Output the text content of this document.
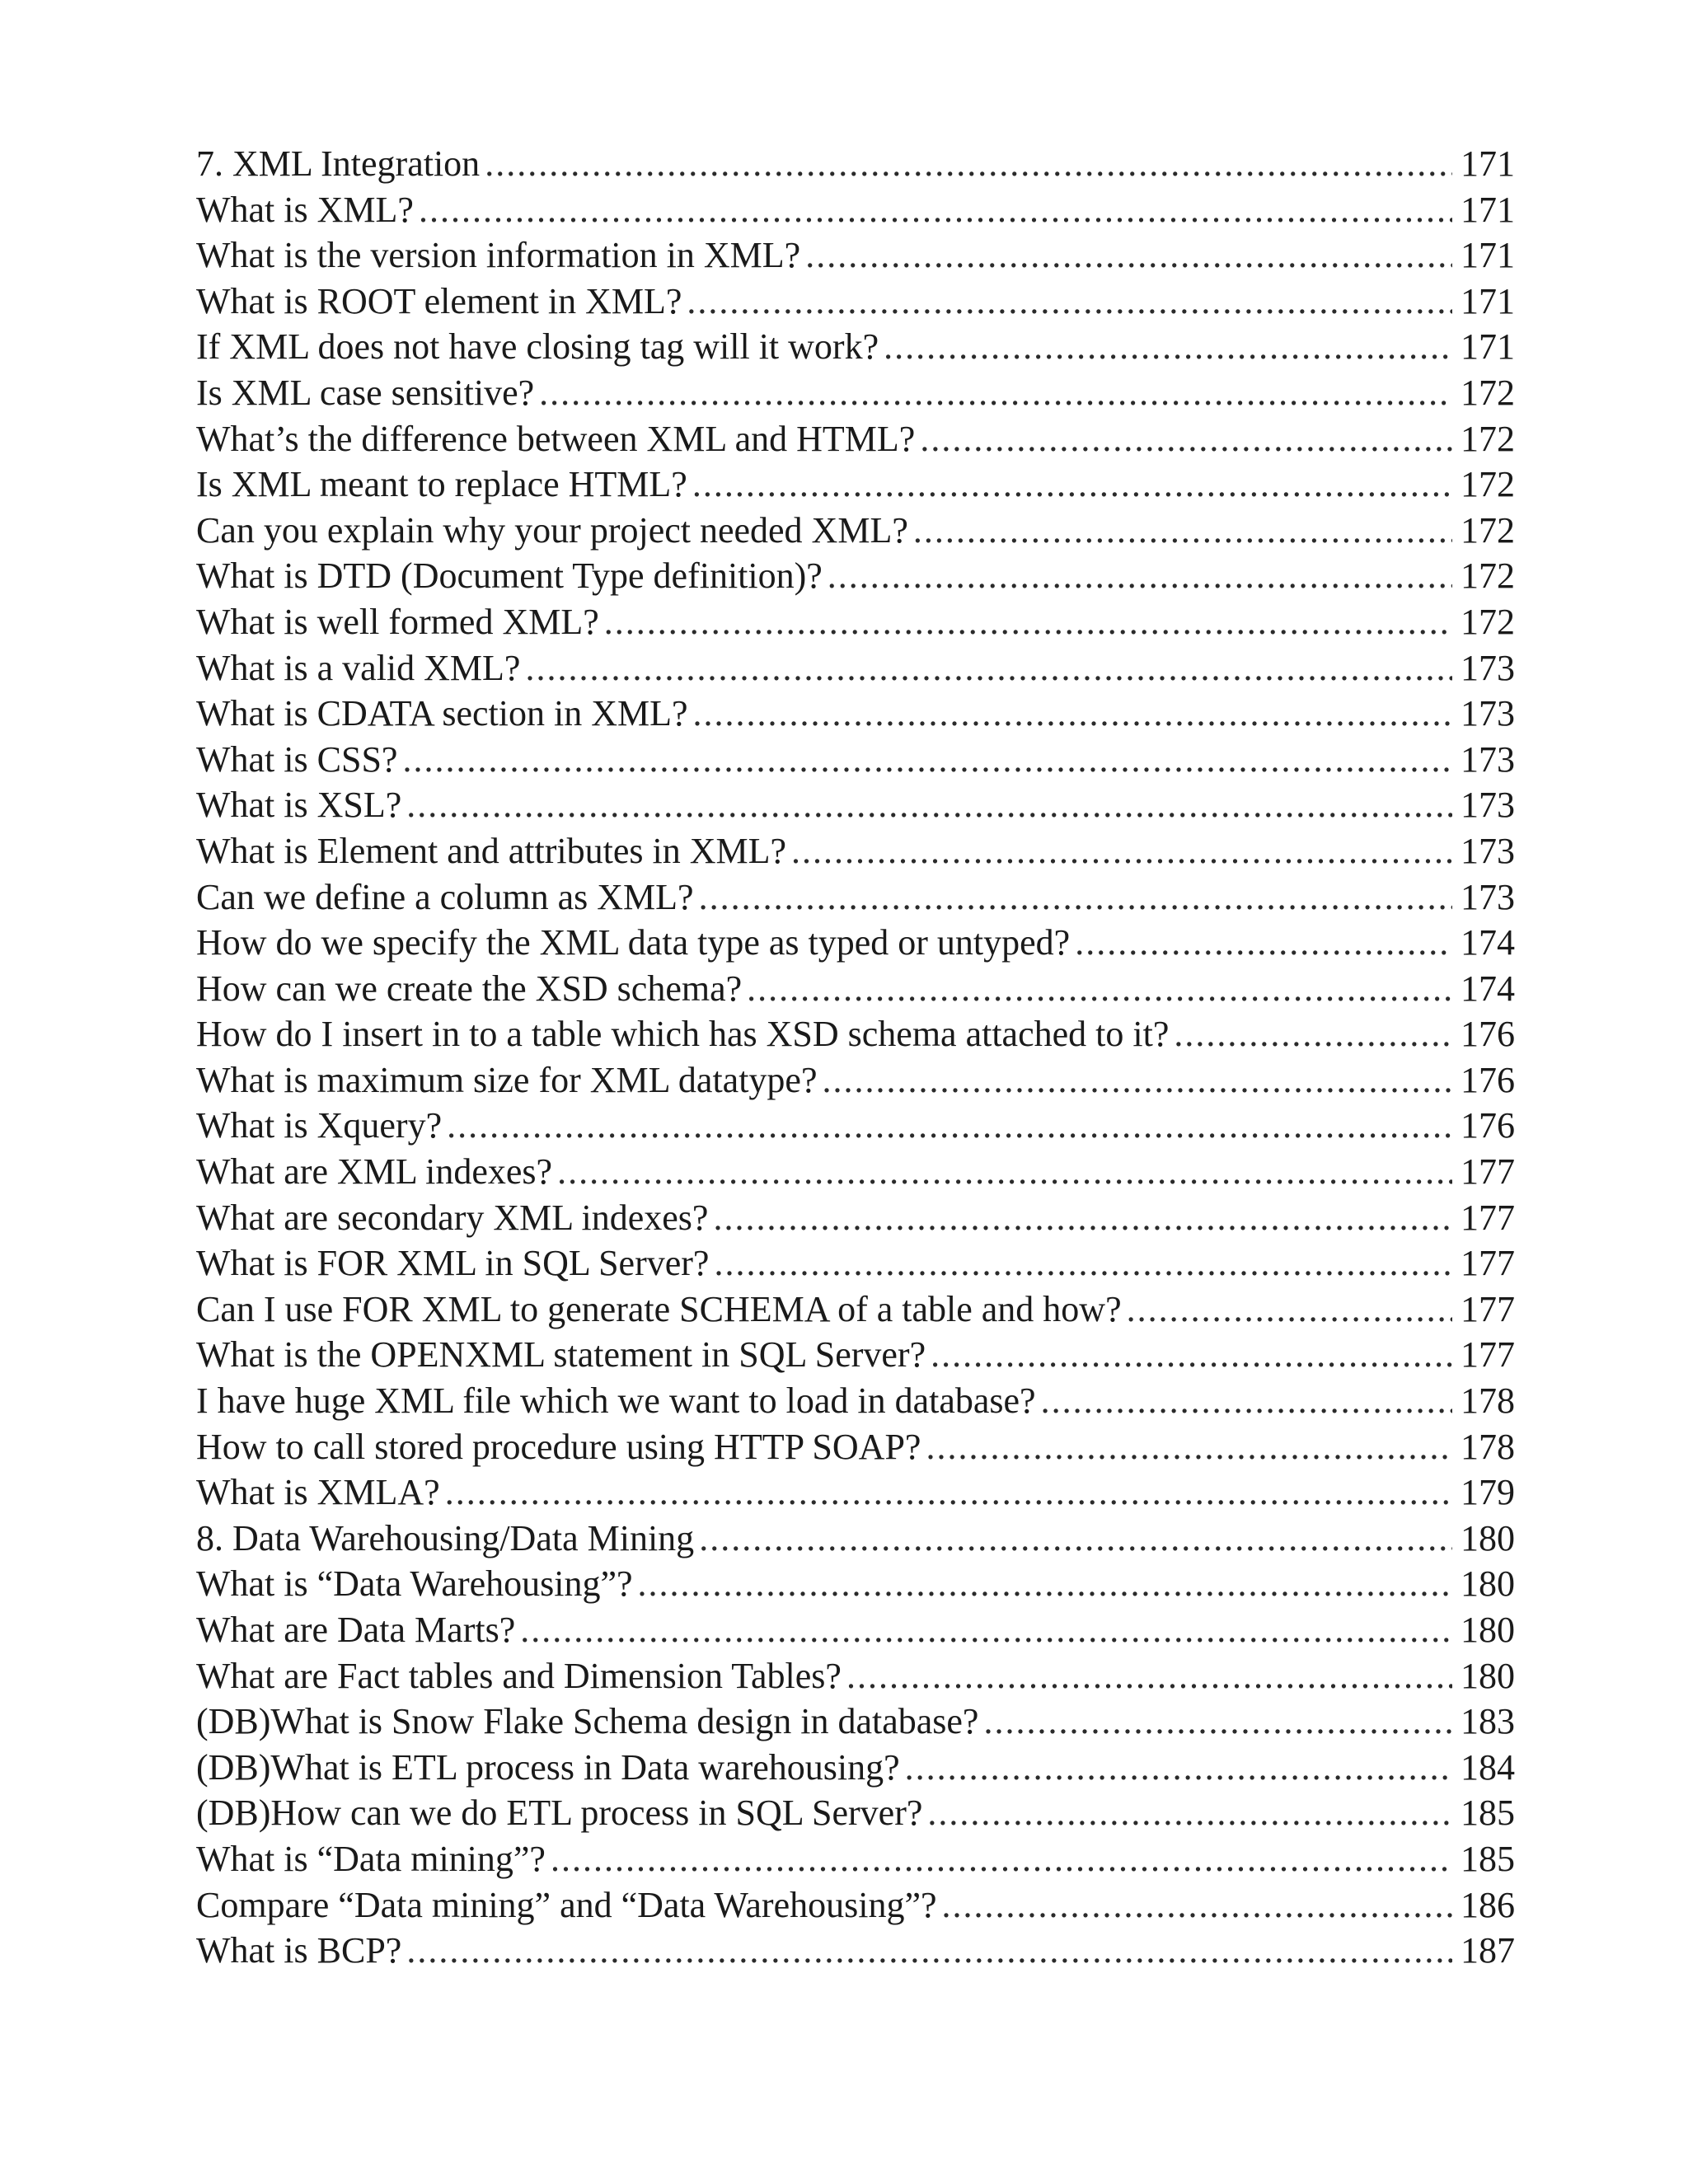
7. XML Integration .....	171
What is XML? .....	171
What is the version information in XML? .....	171
What is ROOT element in XML? .....	171
If XML does not have closing tag will it work? .....	171
Is XML case sensitive? .....	172
What’s the difference between XML and HTML? .....	172
Is XML meant to replace HTML? .....	172
Can you explain why your project needed XML? .....	172
What is DTD (Document Type definition)? .....	172
What is well formed XML? .....	172
What is a valid XML? .....	173
What is CDATA section in XML? .....	173
What is CSS? .....	173
What is XSL? .....	173
What is Element and attributes in XML? .....	173
Can we define a column as XML? .....	173
How do we specify the XML data type as typed or untyped? .....	174
How can we create the XSD schema? .....	174
How do I insert in to a table which has XSD schema attached to it? .....	176
What is maximum size for XML datatype? .....	176
What is Xquery? .....	176
What are XML indexes? .....	177
What are secondary XML indexes? .....	177
What is FOR XML in SQL Server? .....	177
Can I use FOR XML to generate SCHEMA of a table and how? .....	177
What is the OPENXML statement in SQL Server? .....	177
I have huge XML file which we want to load in database? .....	178
How to call stored procedure using HTTP SOAP? .....	178
What is XMLA? .....	179
8. Data Warehousing/Data Mining .....	180
What is “Data Warehousing”? .....	180
What are Data Marts? .....	180
What are Fact tables and Dimension Tables? .....	180
(DB)What is Snow Flake Schema design in database? .....	183
(DB)What is ETL process in Data warehousing? .....	184
(DB)How can we do ETL process in SQL Server? .....	185
What is “Data mining”? .....	185
Compare “Data mining” and “Data Warehousing”? .....	186
What is BCP? .....	187
